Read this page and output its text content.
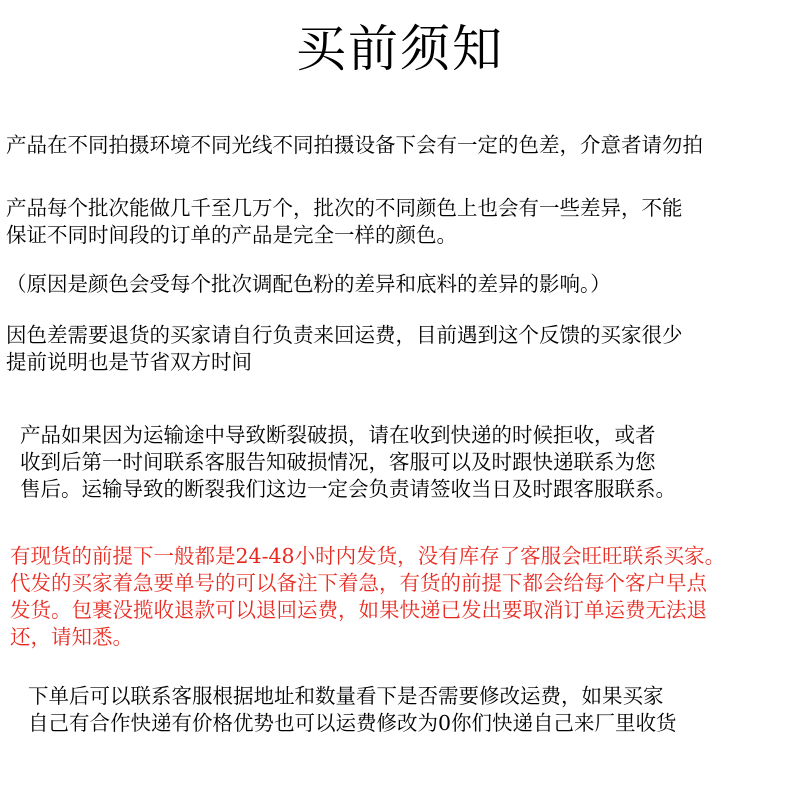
买前须知
产品在不同拍摄环境不同光线不同拍摄设备下会有一定的色差，介意者请勿拍
产品每个批次能做几千至几万个，批次的不同颜色上也会有一些差异，不能
保证不同时间段的订单的产品是完全一样的颜色。
（原因是颜色会受每个批次调配色粉的差异和底料的差异的影响。）
因色差需要退货的买家请自行负责来回运费，目前遇到这个反馈的买家很少
提前说明也是节省双方时间
产品如果因为运输途中导致断裂破损，请在收到快递的时候拒收，或者
收到后第一时间联系客服告知破损情况，客服可以及时跟快递联系为您
售后。运输导致的断裂我们这边一定会负责请签收当日及时跟客服联系。
有现货的前提下一般都是24-48小时内发货，没有库存了客服会旺旺联系买家。
代发的买家着急要单号的可以备注下着急，有货的前提下都会给每个客户早点
发货。包裹没揽收退款可以退回运费，如果快递已发出要取消订单运费无法退
还，请知悉。
下单后可以联系客服根据地址和数量看下是否需要修改运费，如果买家
自己有合作快递有价格优势也可以运费修改为0你们快递自己来厂里收货
